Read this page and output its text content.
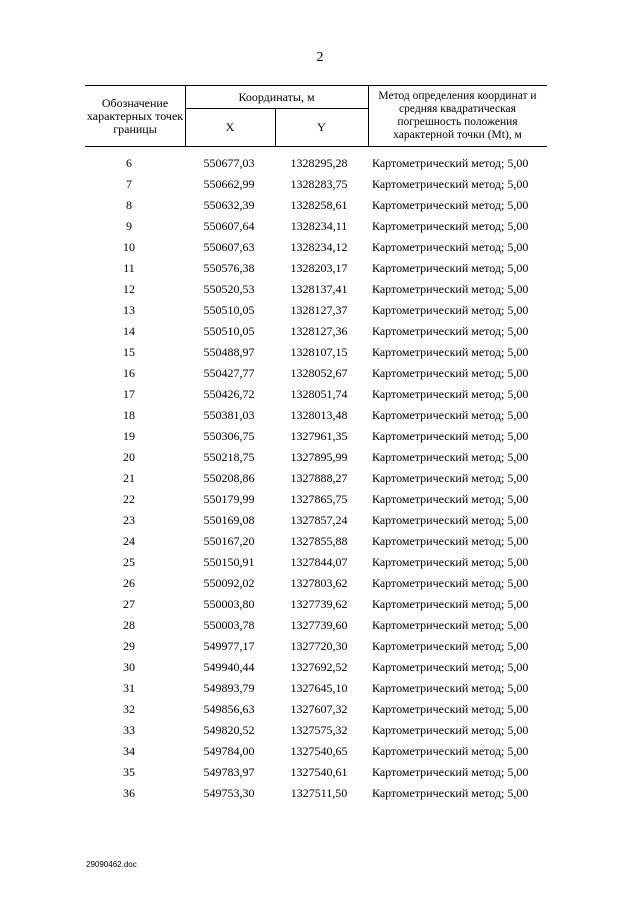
2
Обозначение характерных точек границы
Координаты, м
X	Y
Метод определения координат и средняя квадратическая погрешность положения характерной точки (Mt), м
6	550677,03	1328295,28	Картометрический метод; 5,00
7	550662,99	1328283,75	Картометрический метод; 5,00
8	550632,39	1328258,61	Картометрический метод; 5,00
9	550607,64	1328234,11	Картометрический метод; 5,00
10	550607,63	1328234,12	Картометрический метод; 5,00
11	550576,38	1328203,17	Картометрический метод; 5,00
12	550520,53	1328137,41	Картометрический метод; 5,00
13	550510,05	1328127,37	Картометрический метод; 5,00
14	550510,05	1328127,36	Картометрический метод; 5,00
15	550488,97	1328107,15	Картометрический метод; 5,00
16	550427,77	1328052,67	Картометрический метод; 5,00
17	550426,72	1328051,74	Картометрический метод; 5,00
18	550381,03	1328013,48	Картометрический метод; 5,00
19	550306,75	1327961,35	Картометрический метод; 5,00
20	550218,75	1327895,99	Картометрический метод; 5,00
21	550208,86	1327888,27	Картометрический метод; 5,00
22	550179,99	1327865,75	Картометрический метод; 5,00
23	550169,08	1327857,24	Картометрический метод; 5,00
24	550167,20	1327855,88	Картометрический метод; 5,00
25	550150,91	1327844,07	Картометрический метод; 5,00
26	550092,02	1327803,62	Картометрический метод; 5,00
27	550003,80	1327739,62	Картометрический метод; 5,00
28	550003,78	1327739,60	Картометрический метод; 5,00
29	549977,17	1327720,30	Картометрический метод; 5,00
30	549940,44	1327692,52	Картометрический метод; 5,00
31	549893,79	1327645,10	Картометрический метод; 5,00
32	549856,63	1327607,32	Картометрический метод; 5,00
33	549820,52	1327575,32	Картометрический метод; 5,00
34	549784,00	1327540,65	Картометрический метод; 5,00
35	549783,97	1327540,61	Картометрический метод; 5,00
36	549753,30	1327511,50	Картометрический метод; 5,00
29090462.doc
